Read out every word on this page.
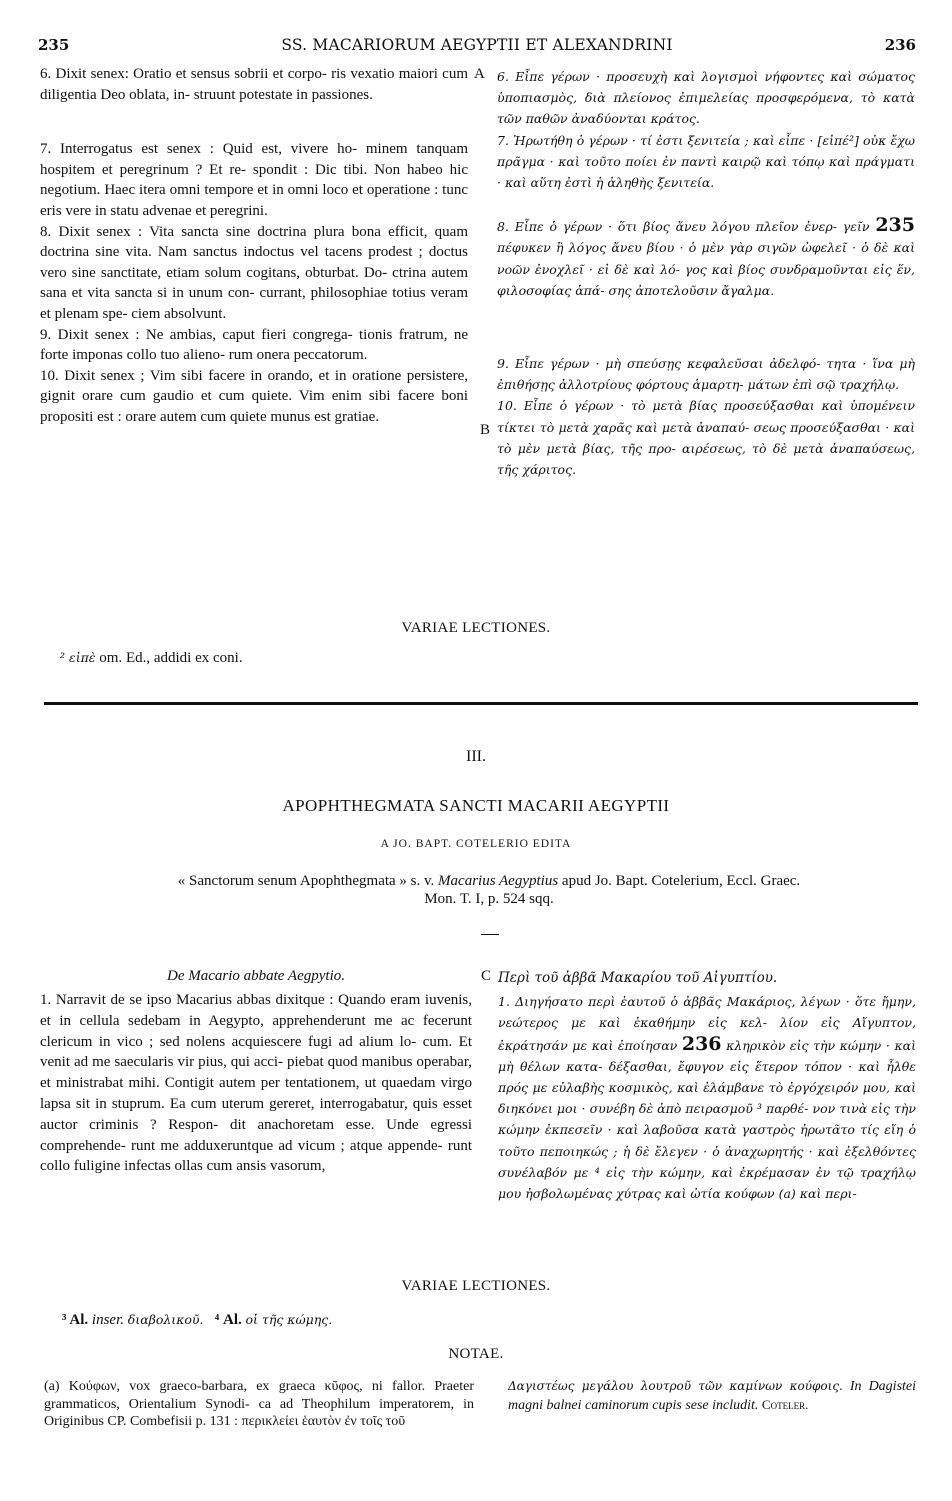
235	SS. MACARIORUM AEGYPTII ET ALEXANDRINI	236

6. Dixit senex: Oratio et sensus sobrii et corpo- ris vexatio maiori cum diligentia Deo oblata, in- struunt potestate in passiones.

7. Interrogatus est senex : Quid est, vivere ho- minem tanquam hospitem et peregrinum ? Et re- spondit : Dic tibi. Non habeo hic negotium. Haec itera omni tempore et in omni loco et operatione : tunc eris vere in statu advenae et peregrini.

8. Dixit senex : Vita sancta sine doctrina plura bona efficit, quam doctrina sine vita. Nam sanctus indoctus vel tacens prodest ; doctus vero sine sanctitate, etiam solum cogitans, obturbat. Do- ctrina autem sana et vita sancta si in unum con- currant, philosophiae totius veram et plenam spe- ciem absolvunt.

9. Dixit senex : Ne ambias, caput fieri congrega- tionis fratrum, ne forte imponas collo tuo alieno- rum onera peccatorum.

10. Dixit senex ; Vim sibi facere in orando, et in oratione persistere, gignit orare cum gaudio et cum quiete. Vim enim sibi facere boni propositi est : orare autem cum quiete munus est gratiae.

A
B
C

6. Εἶπε γέρων · προσευχὴ καὶ λογισμοὶ νήφοντες καὶ σώματος ὑποπιασμὸς, διὰ πλείονος ἐπιμελείας προσφερόμενα, τὸ κατὰ τῶν παθῶν ἀναδύονται κράτος.

7. Ἠρωτήθη ὁ γέρων · τί ἐστι ξενιτεία ; καὶ εἶπε · [εἰπέ²] οὐκ ἔχω πρᾶγμα · καὶ τοῦτο ποίει ἐν παντὶ καιρῷ καὶ τόπῳ καὶ πράγματι · καὶ αὕτη ἐστὶ ἡ ἀληθὴς ξενιτεία.

8. Εἶπε ὁ γέρων · ὅτι βίος ἄνευ λόγου πλεῖον ἐνερ- γεῖν 235 πέφυκεν ἢ λόγος ἄνευ βίου · ὁ μὲν γὰρ σιγῶν ὠφελεῖ · ὁ δὲ καὶ νοῶν ἐνοχλεῖ · εἰ δὲ καὶ λό- γος καὶ βίος συνδραμοῦνται εἰς ἕν, φιλοσοφίας ἁπά- σης ἀποτελοῦσιν ἄγαλμα.

9. Εἶπε γέρων · μὴ σπεύσῃς κεφαλεῦσαι ἀδελφό- τητα · ἵνα μὴ ἐπιθήσῃς ἀλλοτρίους φόρτους ἁμαρτη- μάτων ἐπὶ σῷ τραχήλῳ.

10. Εἶπε ὁ γέρων · τὸ μετὰ βίας προσεύξασθαι καὶ ὑπομένειν τίκτει τὸ μετὰ χαρᾶς καὶ μετὰ ἀναπαύ- σεως προσεύξασθαι · καὶ τὸ μὲν μετὰ βίας, τῆς προ- αιρέσεως, τὸ δὲ μετὰ ἀναπαύσεως, τῆς χάριτος.

VARIAE LECTIONES.
² εἰπὲ om. Ed., addidi ex coni.
III.
APOPHTHEGMATA SANCTI MACARII AEGYPTII
A JO. BAPT. COTELERIO EDITA
« Sanctorum senum Apophthegmata » s. v. Macarius Aegyptius apud Jo. Bapt. Cotelerium, Eccl. Graec.
Mon. T. I, p. 524 sqq.
De Macario abbate Aegpytio.

1. Narravit de se ipso Macarius abbas dixitque : Quando eram iuvenis, et in cellula sedebam in Aegypto, apprehenderunt me ac fecerunt clericum in vico ; sed nolens acquiescere fugi ad alium lo- cum. Et venit ad me saecularis vir pius, qui acci- piebat quod manibus operabar, et ministrabat mihi. Contigit autem per tentationem, ut quaedam virgo lapsa sit in stuprum. Ea cum uterum gereret, interrogabatur, quis esset auctor criminis ? Respon- dit anachoretam esse. Unde egressi comprehende- runt me adduxeruntque ad vicum ; atque appende- runt collo fuligine infectas ollas cum ansis vasorum,

Περὶ τοῦ ἀββᾶ Μακαρίου τοῦ Αἰγυπτίου.

1. Διηγήσατο περὶ ἑαυτοῦ ὁ ἀββᾶς Μακάριος, λέγων · ὅτε ἤμην, νεώτερος με καὶ ἐκαθήμην εἰς κελ- λίον εἰς Αἴγυπτον, ἐκράτησάν με καὶ ἐποίησαν 236 κληρικὸν εἰς τὴν κώμην · καὶ μὴ θέλων κατα- δέξασθαι, ἔφυγον εἰς ἕτερον τόπον · καὶ ἦλθε πρός με εὐλαβὴς κοσμικὸς, καὶ ἐλάμβανε τὸ ἐργόχειρόν μου, καὶ διηκόνει μοι · συνέβη δὲ ἀπὸ πειρασμοῦ ³ παρθέ- νον τινὰ εἰς τὴν κώμην ἐκπεσεῖν · καὶ λαβοῦσα κατὰ γαστρὸς ἠρωτᾶτο τίς εἴη ὁ τοῦτο πεποιηκώς ; ἡ δὲ ἔλεγεν · ὁ ἀναχωρητής · καὶ ἐξελθόντες συνέλαβόν με ⁴ εἰς τὴν κώμην, καὶ ἐκρέμασαν ἐν τῷ τραχήλῳ μου ἠσβολωμένας χύτρας καὶ ὠτία κούφων (a) καὶ περι-

VARIAE LECTIONES.
³ Al. inser. διαβολικοῦ. ⁴ Al. οἱ τῆς κώμης.
NOTAE.

(a) Κούφων, vox graeco-barbara, ex graeca κῦφος, ni fallor. Praeter grammaticos, Orientalium Synodi- ca ad Theophilum imperatorem, in Originibus CP. Combefisii p. 131 : περικλείει ἑαυτὸν ἐν τοῖς τοῦ

Δαγιστέως μεγάλου λουτροῦ τῶν καμίνων κούφοις. In Dagistei magni balnei caminorum cupis sese includit. Coteler.
